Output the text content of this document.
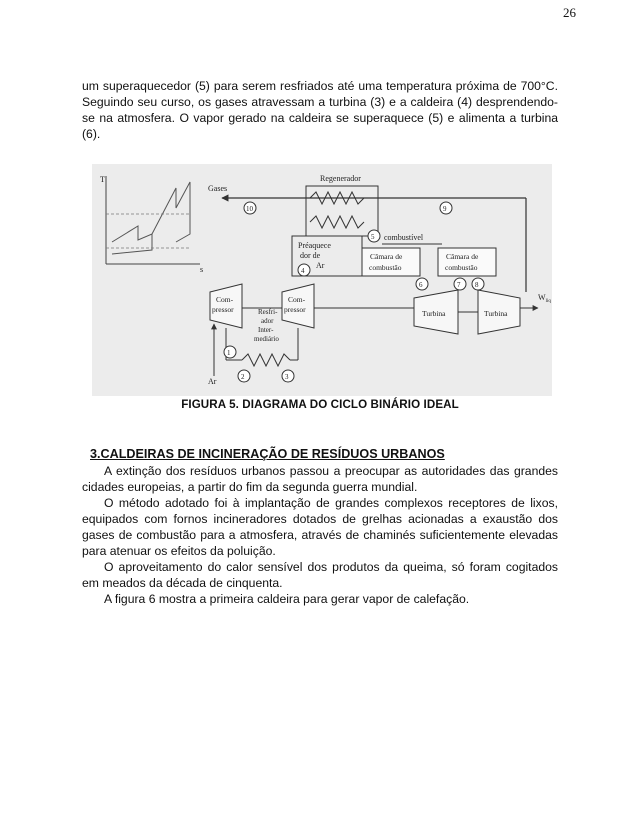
26

um superaquecedor (5) para serem resfriados até uma temperatura próxima de 700°C. Seguindo seu curso, os gases atravessam a turbina (3) e a caldeira (4) desprendendo-se na atmosfera. O vapor gerado na caldeira se superaquece (5) e alimenta a turbina (6).

T
s
Gases
10	9
Regenerador
Préaquece
dor de
Ar
5 combustível
Câmara de
combustão
Câmara de
combustão
4
Com-
pressor
Com-
pressor	Turbina	Turbina
$W_{liq}$
6	7 8
Resfri-
ador
Inter-
mediário
1
Ar	2	3
FIGURA 5. DIAGRAMA DO CICLO BINÁRIO IDEAL
3.CALDEIRAS DE INCINERAÇÃO DE RESÍDUOS URBANOS
A extinção dos resíduos urbanos passou a preocupar as autoridades das grandes cidades europeias, a partir do fim da segunda guerra mundial.
O método adotado foi à implantação de grandes complexos receptores de lixos, equipados com fornos incineradores dotados de grelhas acionadas a exaustão dos gases de combustão para a atmosfera, através de chaminés suficientemente elevadas para atenuar os efeitos da poluição.
O aproveitamento do calor sensível dos produtos da queima, só foram cogitados em meados da década de cinquenta.
A figura 6 mostra a primeira caldeira para gerar vapor de calefação.
